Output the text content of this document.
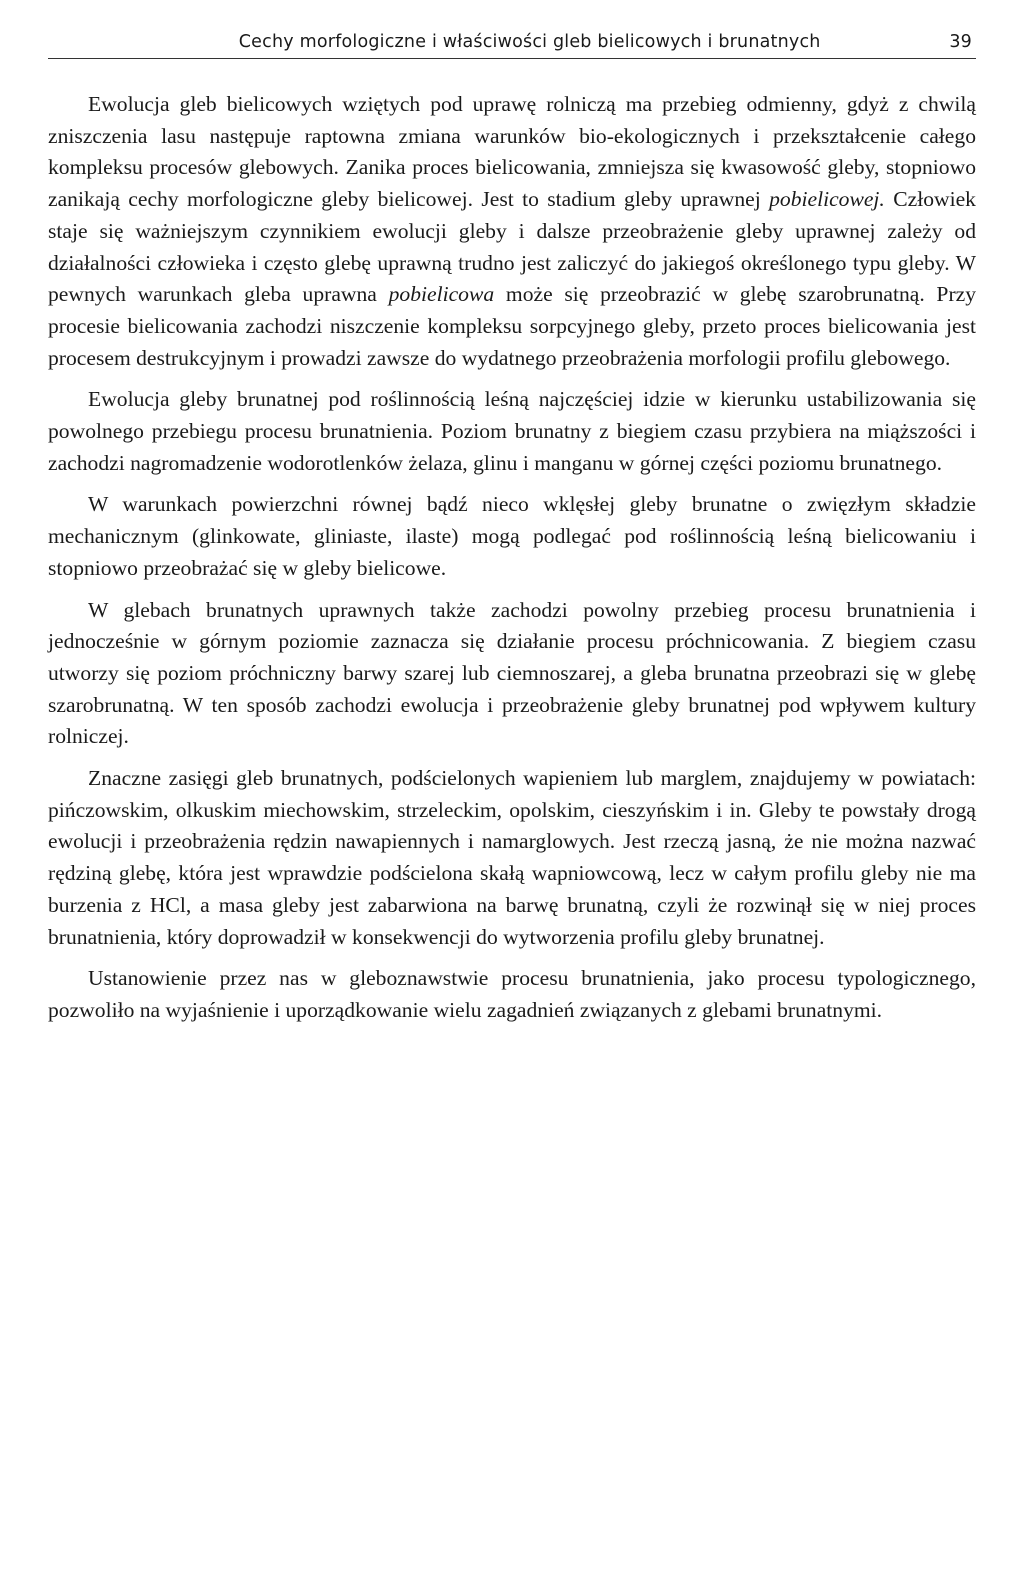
Cechy morfologiczne i właściwości gleb bielicowych i brunatnych	39

Ewolucja gleb bielicowych wziętych pod uprawę rolniczą ma przebieg odmienny, gdyż z chwilą zniszczenia lasu następuje raptowna zmiana warunków bio-ekologicznych i przekształcenie całego kompleksu procesów glebowych. Zanika proces bielicowania, zmniejsza się kwasowość gleby, stopniowo zanikają cechy morfologiczne gleby bielicowej. Jest to stadium gleby uprawnej pobielicowej. Człowiek staje się ważniejszym czynnikiem ewolucji gleby i dalsze przeobrażenie gleby uprawnej zależy od działalności człowieka i często glebę uprawną trudno jest zaliczyć do jakiegoś określonego typu gleby. W pewnych warunkach gleba uprawna pobielicowa może się przeobrazić w glebę szarobrunatną. Przy procesie bielicowania zachodzi niszczenie kompleksu sorpcyjnego gleby, przeto proces bielicowania jest procesem destrukcyjnym i prowadzi zawsze do wydatnego przeobrażenia morfologii profilu glebowego.

Ewolucja gleby brunatnej pod roślinnością leśną najczęściej idzie w kierunku ustabilizowania się powolnego przebiegu procesu brunatnienia. Poziom brunatny z biegiem czasu przybiera na miąższości i zachodzi nagromadzenie wodorotlenków żelaza, glinu i manganu w górnej części poziomu brunatnego.

W warunkach powierzchni równej bądź nieco wklęsłej gleby brunatne o zwięzłym składzie mechanicznym (glinkowate, gliniaste, ilaste) mogą podlegać pod roślinnością leśną bielicowaniu i stopniowo przeobrażać się w gleby bielicowe.

W glebach brunatnych uprawnych także zachodzi powolny przebieg procesu brunatnienia i jednocześnie w górnym poziomie zaznacza się działanie procesu próchnicowania. Z biegiem czasu utworzy się poziom próchniczny barwy szarej lub ciemnoszarej, a gleba brunatna przeobrazi się w glebę szarobrunatną. W ten sposób zachodzi ewolucja i przeobrażenie gleby brunatnej pod wpływem kultury rolniczej.

Znaczne zasięgi gleb brunatnych, podścielonych wapieniem lub marglem, znajdujemy w powiatach: pińczowskim, olkuskim miechowskim, strzeleckim, opolskim, cieszyńskim i in. Gleby te powstały drogą ewolucji i przeobrażenia rędzin nawapiennych i namarglowych. Jest rzeczą jasną, że nie można nazwać rędziną glebę, która jest wprawdzie podścielona skałą wapniowcową, lecz w całym profilu gleby nie ma burzenia z HCl, a masa gleby jest zabarwiona na barwę brunatną, czyli że rozwinął się w niej proces brunatnienia, który doprowadził w konsekwencji do wytworzenia profilu gleby brunatnej.

Ustanowienie przez nas w gleboznawstwie procesu brunatnienia, jako procesu typologicznego, pozwoliło na wyjaśnienie i uporządkowanie wielu zagadnień związanych z glebami brunatnymi.
